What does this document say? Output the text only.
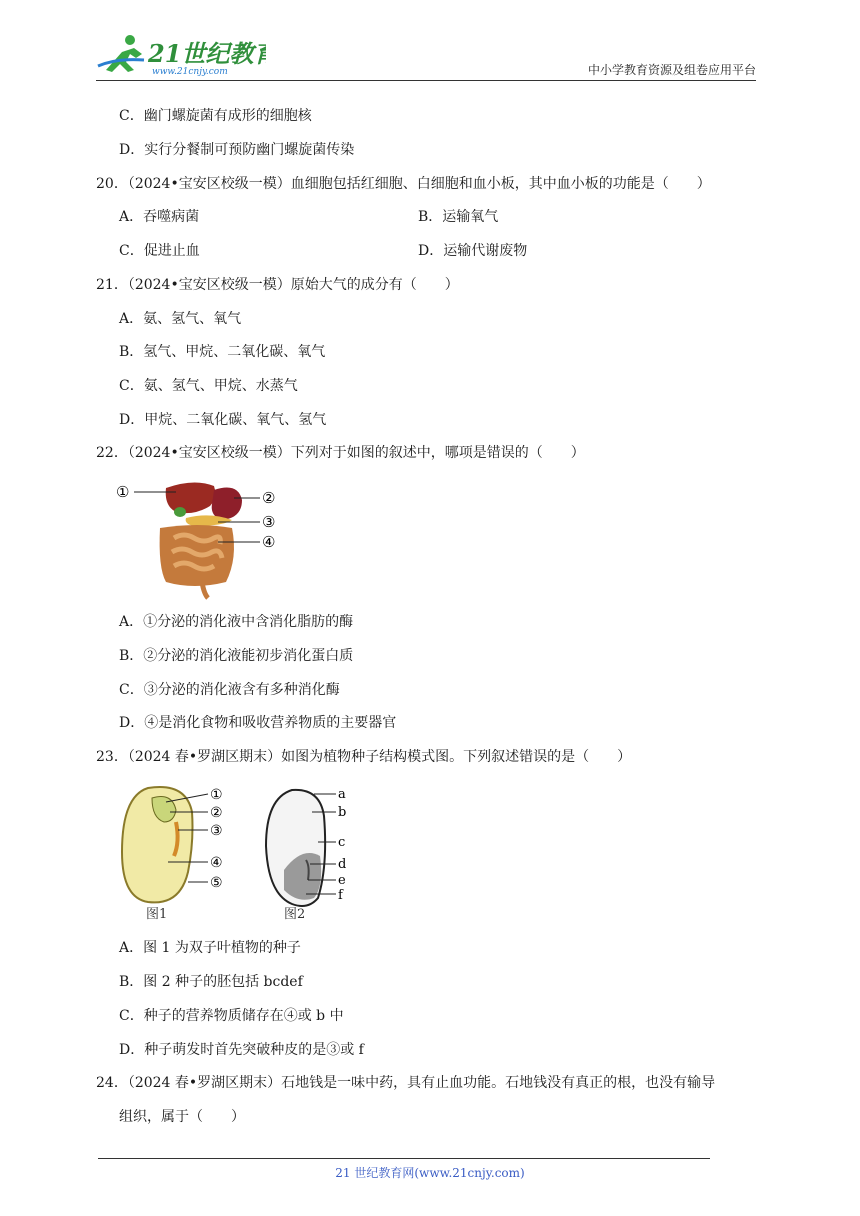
21世纪教育
www.21cnjy.com	中小学教育资源及组卷应用平台
C．幽门螺旋菌有成形的细胞核
D．实行分餐制可预防幽门螺旋菌传染
20．（2024•宝安区校级一模）血细胞包括红细胞、白细胞和血小板，其中血小板的功能是（　　）
A．吞噬病菌	B．运输氧气
C．促进止血	D．运输代谢废物
21．（2024•宝安区校级一模）原始大气的成分有（　　）
A．氨、氢气、氧气
B．氢气、甲烷、二氧化碳、氧气
C．氨、氢气、甲烷、水蒸气
D．甲烷、二氧化碳、氧气、氢气
22．（2024•宝安区校级一模）下列对于如图的叙述中，哪项是错误的（　　）
①	②
③
④
A．①分泌的消化液中含消化脂肪的酶
B．②分泌的消化液能初步消化蛋白质
C．③分泌的消化液含有多种消化酶
D．④是消化食物和吸收营养物质的主要器官
23．（2024 春•罗湖区期末）如图为植物种子结构模式图。下列叙述错误的是（　　）
①
②
③
④
⑤
图1
a
b
c
d
e
f
图2
A．图 1 为双子叶植物的种子
B．图 2 种子的胚包括 bcdef
C．种子的营养物质储存在④或 b 中
D．种子萌发时首先突破种皮的是③或 f
24．（2024 春•罗湖区期末）石地钱是一味中药，具有止血功能。石地钱没有真正的根，也没有输导
组织，属于（　　）
21 世纪教育网(www.21cnjy.com)
